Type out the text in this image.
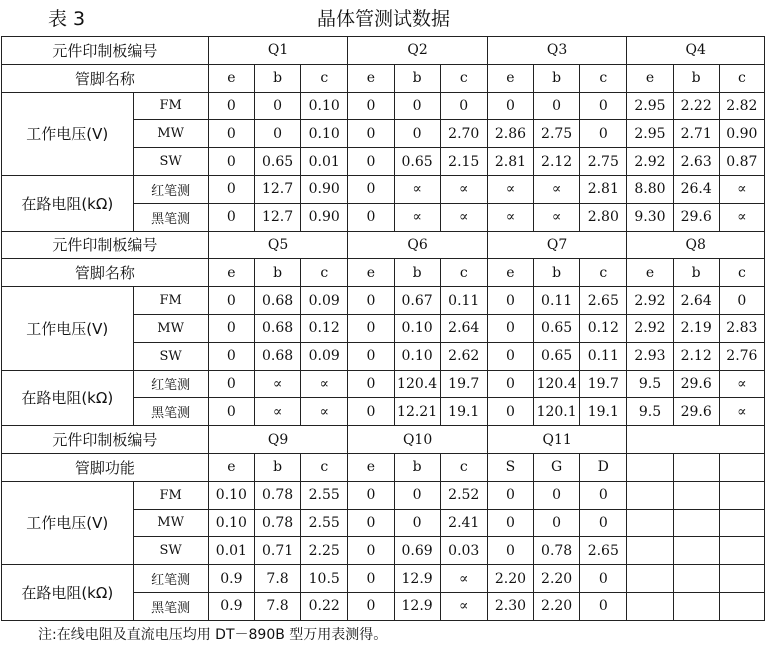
表 3	晶体管测试数据
元件印制板编号		Q1			Q2			Q3			Q4		
管脚名称		e	b	c	e	b	c	e	b	c	e	b	c
工作电压(V)	FM	0	0	0.10	0	0	0	0	0	0	2.95	2.22	2.82
	MW	0	0	0.10	0	0	2.70	2.86	2.75	0	2.95	2.71	0.90
	SW	0	0.65	0.01	0	0.65	2.15	2.81	2.12	2.75	2.92	2.63	0.87
在路电阻(kΩ)	红笔测	0	12.7	0.90	0	∝	∝	∝	∝	2.81	8.80	26.4	∝
	黑笔测	0	12.7	0.90	0	∝	∝	∝	∝	2.80	9.30	29.6	∝
元件印制板编号		Q5			Q6			Q7			Q8		
管脚名称		e	b	c	e	b	c	e	b	c	e	b	c
工作电压(V)	FM	0	0.68	0.09	0	0.67	0.11	0	0.11	2.65	2.92	2.64	0
	MW	0	0.68	0.12	0	0.10	2.64	0	0.65	0.12	2.92	2.19	2.83
	SW	0	0.68	0.09	0	0.10	2.62	0	0.65	0.11	2.93	2.12	2.76
在路电阻(kΩ)	红笔测	0	∝	∝	0	120.4	19.7	0	120.4	19.7	9.5	29.6	∝
	黑笔测	0	∝	∝	0	12.21	19.1	0	120.1	19.1	9.5	29.6	∝
元件印制板编号		Q9			Q10			Q11					
管脚功能		e	b	c	e	b	c	S	G	D			
工作电压(V)	FM	0.10	0.78	2.55	0	0	2.52	0	0	0			
	MW	0.10	0.78	2.55	0	0	2.41	0	0	0			
	SW	0.01	0.71	2.25	0	0.69	0.03	0	0.78	2.65			
在路电阻(kΩ)	红笔测	0.9	7.8	10.5	0	12.9	∝	2.20	2.20	0			
	黑笔测	0.9	7.8	0.22	0	12.9	∝	2.30	2.20	0			
注:在线电阻及直流电压均用 DT－890B 型万用表测得。
